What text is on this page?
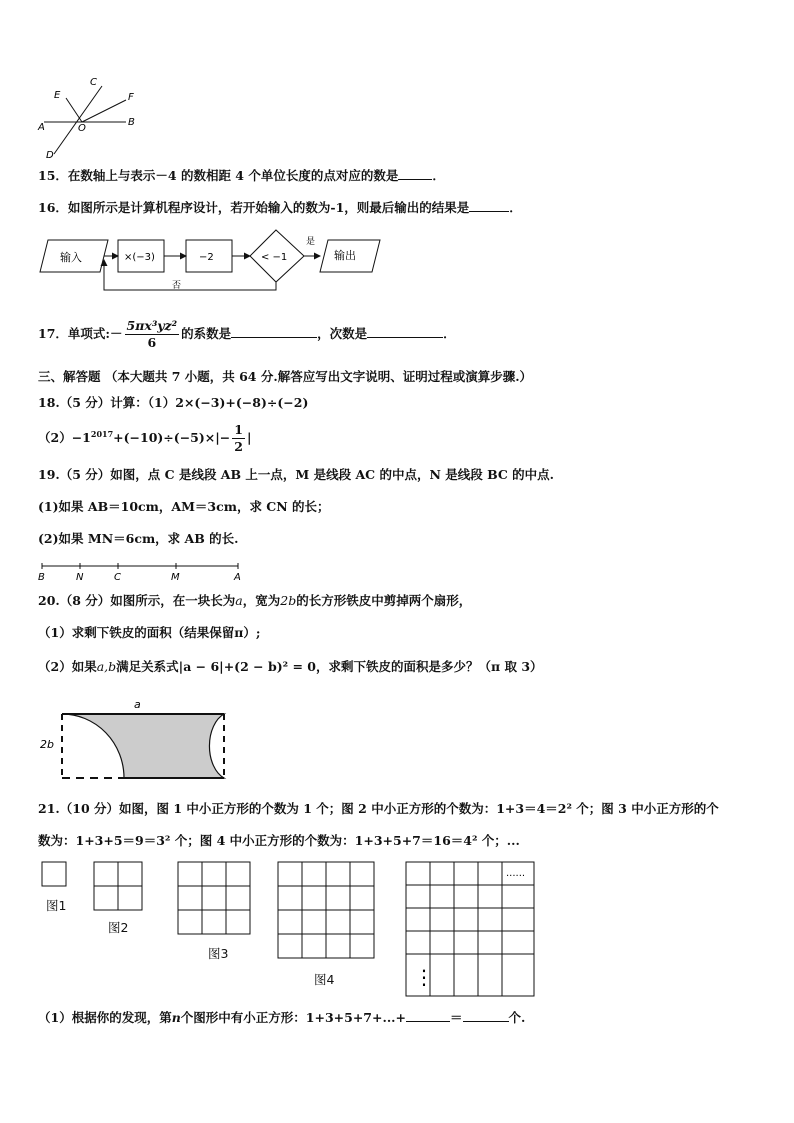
E
C
F
A	O
B
D
15．在数轴上与表示－4 的数相距 4 个单位长度的点对应的数是	．
16．如图所示是计算机程序设计，若开始输入的数为-1，则最后输出的结果是	．
输入	×(−3)	−2	< −1
是
输出
否
17．单项式:－ $\frac{\text{5πx³yz²}}{6}$ 的系数是	，次数是	．
三、解答题 （本大题共 7 小题，共 64 分.解答应写出文字说明、证明过程或演算步骤.）
18.（5 分）计算：（1）2×(−3)+(−8)÷(−2)
$(2)-1^{2017}+(-10)\div(-5)\times|- \frac{1}{2}$ |
19.（5 分）如图，点 C 是线段 AB 上一点，M 是线段 AC 的中点，N 是线段 BC 的中点.
(1)如果 AB＝10cm，AM＝3cm，求 CN 的长；
(2)如果 MN＝6cm，求 AB 的长.
B	N	C	M	A
20.（8 分）如图所示，在一块长为a，宽为2b的长方形铁皮中剪掉两个扇形，
（1）求剩下铁皮的面积（结果保留π）;
（2）如果a,b满足关系式|a − 6|+(2 − b)² = 0，求剩下铁皮的面积是多少？（π 取 3）
a
2b
21.（10 分）如图，图 1 中小正方形的个数为 1 个；图 2 中小正方形的个数为：1+3＝4＝2² 个；图 3 中小正方形的个
数为：1+3+5＝9＝3² 个；图 4 中小正方形的个数为：1+3+5+7＝16＝4² 个；...
......
⋮
图1
图2
图3
图4
（1）根据你的发现，第n个图形中有小正方形：1+3+5+7+...+	＝	个.
